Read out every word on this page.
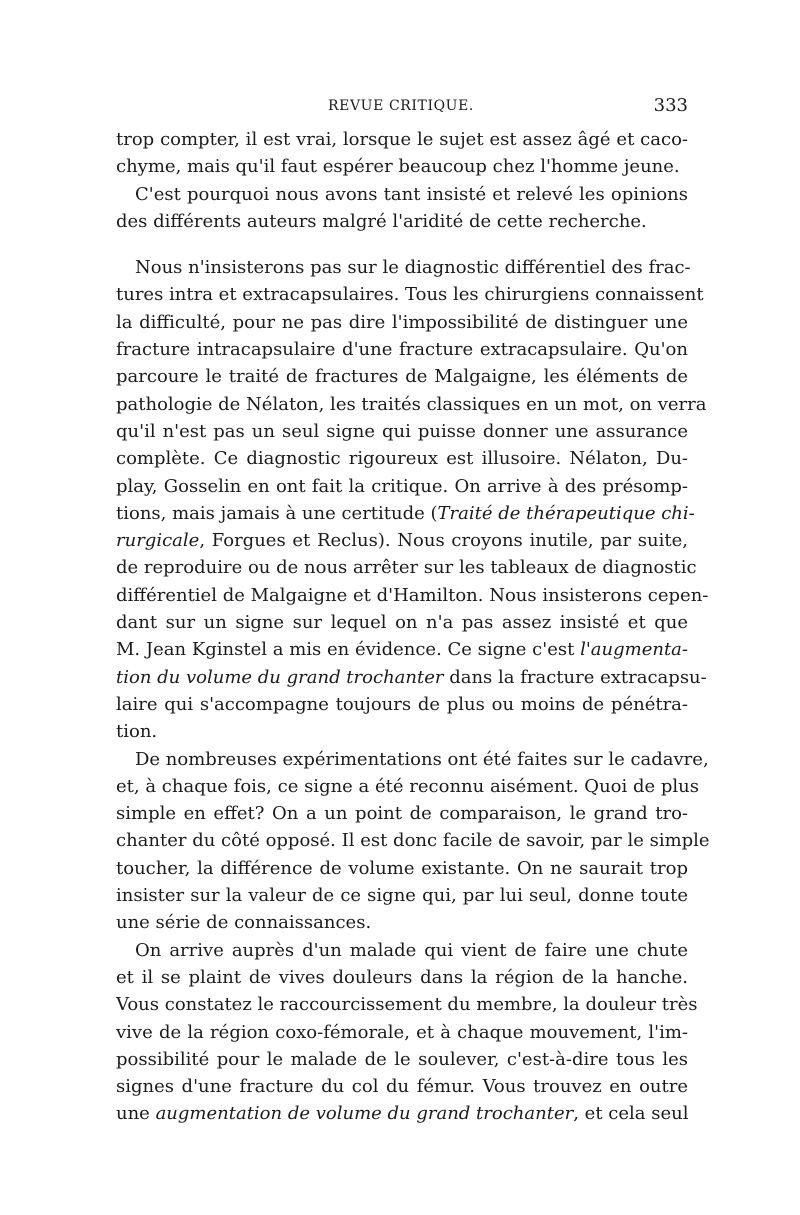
REVUE CRITIQUE.	333
trop compter, il est vrai, lorsque le sujet est assez âgé et caco-
chyme, mais qu'il faut espérer beaucoup chez l'homme jeune.
C'est pourquoi nous avons tant insisté et relevé les opinions
des différents auteurs malgré l'aridité de cette recherche.
Nous n'insisterons pas sur le diagnostic différentiel des frac-
tures intra et extracapsulaires. Tous les chirurgiens connaissent
la difficulté, pour ne pas dire l'impossibilité de distinguer une
fracture intracapsulaire d'une fracture extracapsulaire. Qu'on
parcoure le traité de fractures de Malgaigne, les éléments de
pathologie de Nélaton, les traités classiques en un mot, on verra
qu'il n'est pas un seul signe qui puisse donner une assurance
complète. Ce diagnostic rigoureux est illusoire. Nélaton, Du-
play, Gosselin en ont fait la critique. On arrive à des présomp-
tions, mais jamais à une certitude (Traité de thérapeutique chi-
rurgicale, Forgues et Reclus). Nous croyons inutile, par suite,
de reproduire ou de nous arrêter sur les tableaux de diagnostic
différentiel de Malgaigne et d'Hamilton. Nous insisterons cepen-
dant sur un signe sur lequel on n'a pas assez insisté et que
M. Jean Kginstel a mis en évidence. Ce signe c'est l'augmenta-
tion du volume du grand trochanter dans la fracture extracapsu-
laire qui s'accompagne toujours de plus ou moins de pénétra-
tion.
De nombreuses expérimentations ont été faites sur le cadavre,
et, à chaque fois, ce signe a été reconnu aisément. Quoi de plus
simple en effet? On a un point de comparaison, le grand tro-
chanter du côté opposé. Il est donc facile de savoir, par le simple
toucher, la différence de volume existante. On ne saurait trop
insister sur la valeur de ce signe qui, par lui seul, donne toute
une série de connaissances.
On arrive auprès d'un malade qui vient de faire une chute
et il se plaint de vives douleurs dans la région de la hanche.
Vous constatez le raccourcissement du membre, la douleur très
vive de la région coxo-fémorale, et à chaque mouvement, l'im-
possibilité pour le malade de le soulever, c'est-à-dire tous les
signes d'une fracture du col du fémur. Vous trouvez en outre
une augmentation de volume du grand trochanter, et cela seul
